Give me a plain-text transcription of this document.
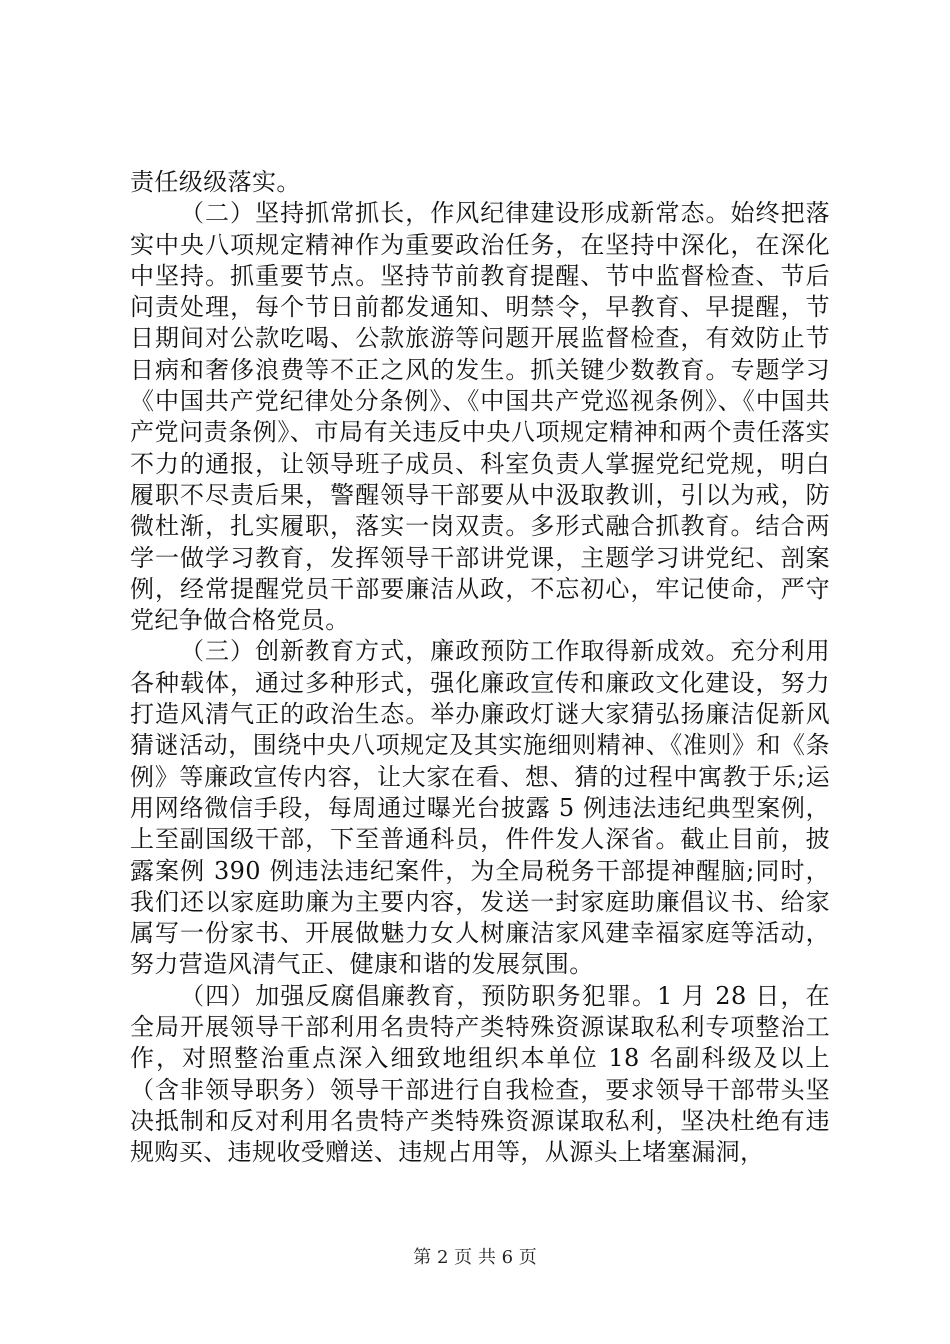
责任级级落实。

（二）坚持抓常抓长，作风纪律建设形成新常态。始终把落实中央八项规定精神作为重要政治任务，在坚持中深化，在深化中坚持。抓重要节点。坚持节前教育提醒、节中监督检查、节后问责处理，每个节日前都发通知、明禁令，早教育、早提醒，节日期间对公款吃喝、公款旅游等问题开展监督检查，有效防止节日病和奢侈浪费等不正之风的发生。抓关键少数教育。专题学习《中国共产党纪律处分条例》、《中国共产党巡视条例》、《中国共产党问责条例》、市局有关违反中央八项规定精神和两个责任落实不力的通报，让领导班子成员、科室负责人掌握党纪党规，明白履职不尽责后果，警醒领导干部要从中汲取教训，引以为戒，防微杜渐，扎实履职，落实一岗双责。多形式融合抓教育。结合两学一做学习教育，发挥领导干部讲党课，主题学习讲党纪、剖案例，经常提醒党员干部要廉洁从政，不忘初心，牢记使命，严守党纪争做合格党员。

（三）创新教育方式，廉政预防工作取得新成效。充分利用各种载体，通过多种形式，强化廉政宣传和廉政文化建设，努力打造风清气正的政治生态。举办廉政灯谜大家猜弘扬廉洁促新风猜谜活动，围绕中央八项规定及其实施细则精神、《准则》和《条例》等廉政宣传内容，让大家在看、想、猜的过程中寓教于乐;运用网络微信手段，每周通过曝光台披露 5 例违法违纪典型案例，上至副国级干部，下至普通科员，件件发人深省。截止目前，披露案例 390 例违法违纪案件，为全局税务干部提神醒脑;同时，我们还以家庭助廉为主要内容，发送一封家庭助廉倡议书、给家属写一份家书、开展做魅力女人树廉洁家风建幸福家庭等活动，努力营造风清气正、健康和谐的发展氛围。

（四）加强反腐倡廉教育，预防职务犯罪。1 月 28 日，在全局开展领导干部利用名贵特产类特殊资源谋取私利专项整治工作，对照整治重点深入细致地组织本单位 18 名副科级及以上（含非领导职务）领导干部进行自我检查，要求领导干部带头坚决抵制和反对利用名贵特产类特殊资源谋取私利，坚决杜绝有违规购买、违规收受赠送、违规占用等，从源头上堵塞漏洞，

第 2 页 共 6 页
